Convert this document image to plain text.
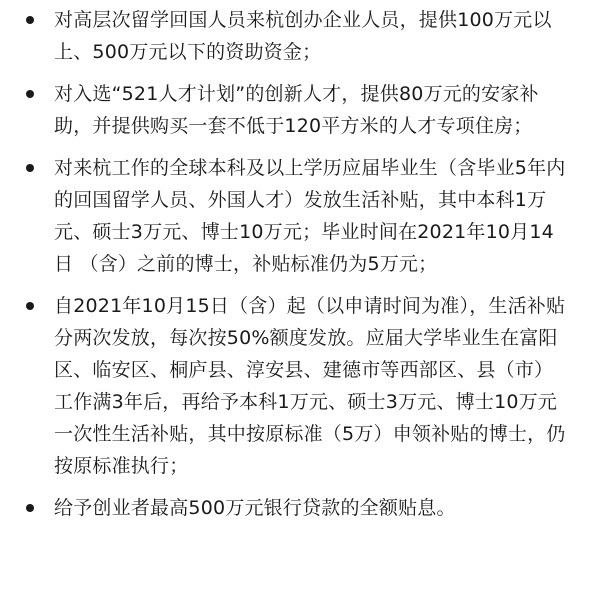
对高层次留学回国人员来杭创办企业人员，提供100万元以上、500万元以下的资助资金；
对入选“521人才计划”的创新人才，提供80万元的安家补助，并提供购买一套不低于120平方米的人才专项住房；
对来杭工作的全球本科及以上学历应届毕业生（含毕业5年内的回国留学人员、外国人才）发放生活补贴，其中本科1万元、硕士3万元、博士10万元；毕业时间在2021年10月14日 （含）之前的博士，补贴标准仍为5万元；
自2021年10月15日（含）起（以申请时间为准），生活补贴分两次发放，每次按50%额度发放。应届大学毕业生在富阳区、临安区、桐庐县、淳安县、建德市等西部区、县（市）工作满3年后，再给予本科1万元、硕士3万元、博士10万元一次性生活补贴，其中按原标准（5万）申领补贴的博士，仍按原标准执行；
给予创业者最高500万元银行贷款的全额贴息。
